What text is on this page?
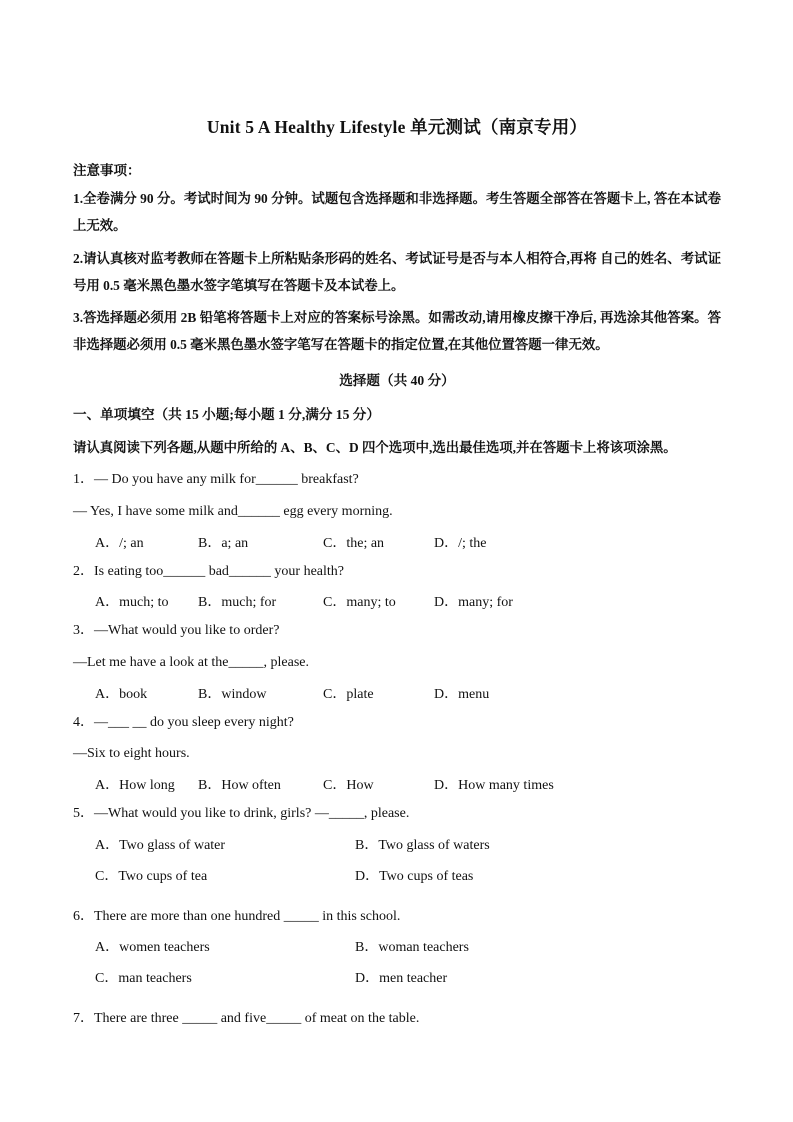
Unit 5 A Healthy Lifestyle 单元测试（南京专用）
注意事项：
1.全卷满分 90 分。考试时间为 90 分钟。试题包含选择题和非选择题。考生答题全部答在答题卡上, 答在本试卷上无效。
2.请认真核对监考教师在答题卡上所粘贴条形码的姓名、考试证号是否与本人相符合,再将 自己的姓名、考试证号用 0.5 毫米黑色墨水签字笔填写在答题卡及本试卷上。
3.答选择题必须用 2B 铅笔将答题卡上对应的答案标号涂黑。如需改动,请用橡皮擦干净后, 再选涂其他答案。答非选择题必须用 0.5 毫米黑色墨水签字笔写在答题卡的指定位置,在其他位置答题一律无效。
选择题（共 40 分）
一、单项填空（共 15 小题;每小题 1 分,满分 15 分）
请认真阅读下列各题,从题中所给的 A、B、C、D 四个选项中,选出最佳选项,并在答题卡上将该项涂黑。
1．— Do you have any milk for______ breakfast?
— Yes, I have some milk and______ egg every morning.
A．/; an	B．a; an	C．the; an	D．/; the
2．Is eating too______ bad______ your health?
A．much; to B．much; for	C．many; to	D．many; for
3．—What would you like to order?
—Let me have a look at the_____, please.
A．book	B．window	C．plate	D．menu
4．—___ __ do you sleep every night?
—Six to eight hours.
A．How long B．How often	C．How	D．How many times
5．—What would you like to drink, girls? —_____, please.
A．Two glass of water	B．Two glass of waters
C．Two cups of tea	D．Two cups of teas
6．There are more than one hundred _____ in this school.
A．women teachers	B．woman teachers
C．man teachers	D．men teacher
7．There are three _____ and five_____ of meat on the table.
